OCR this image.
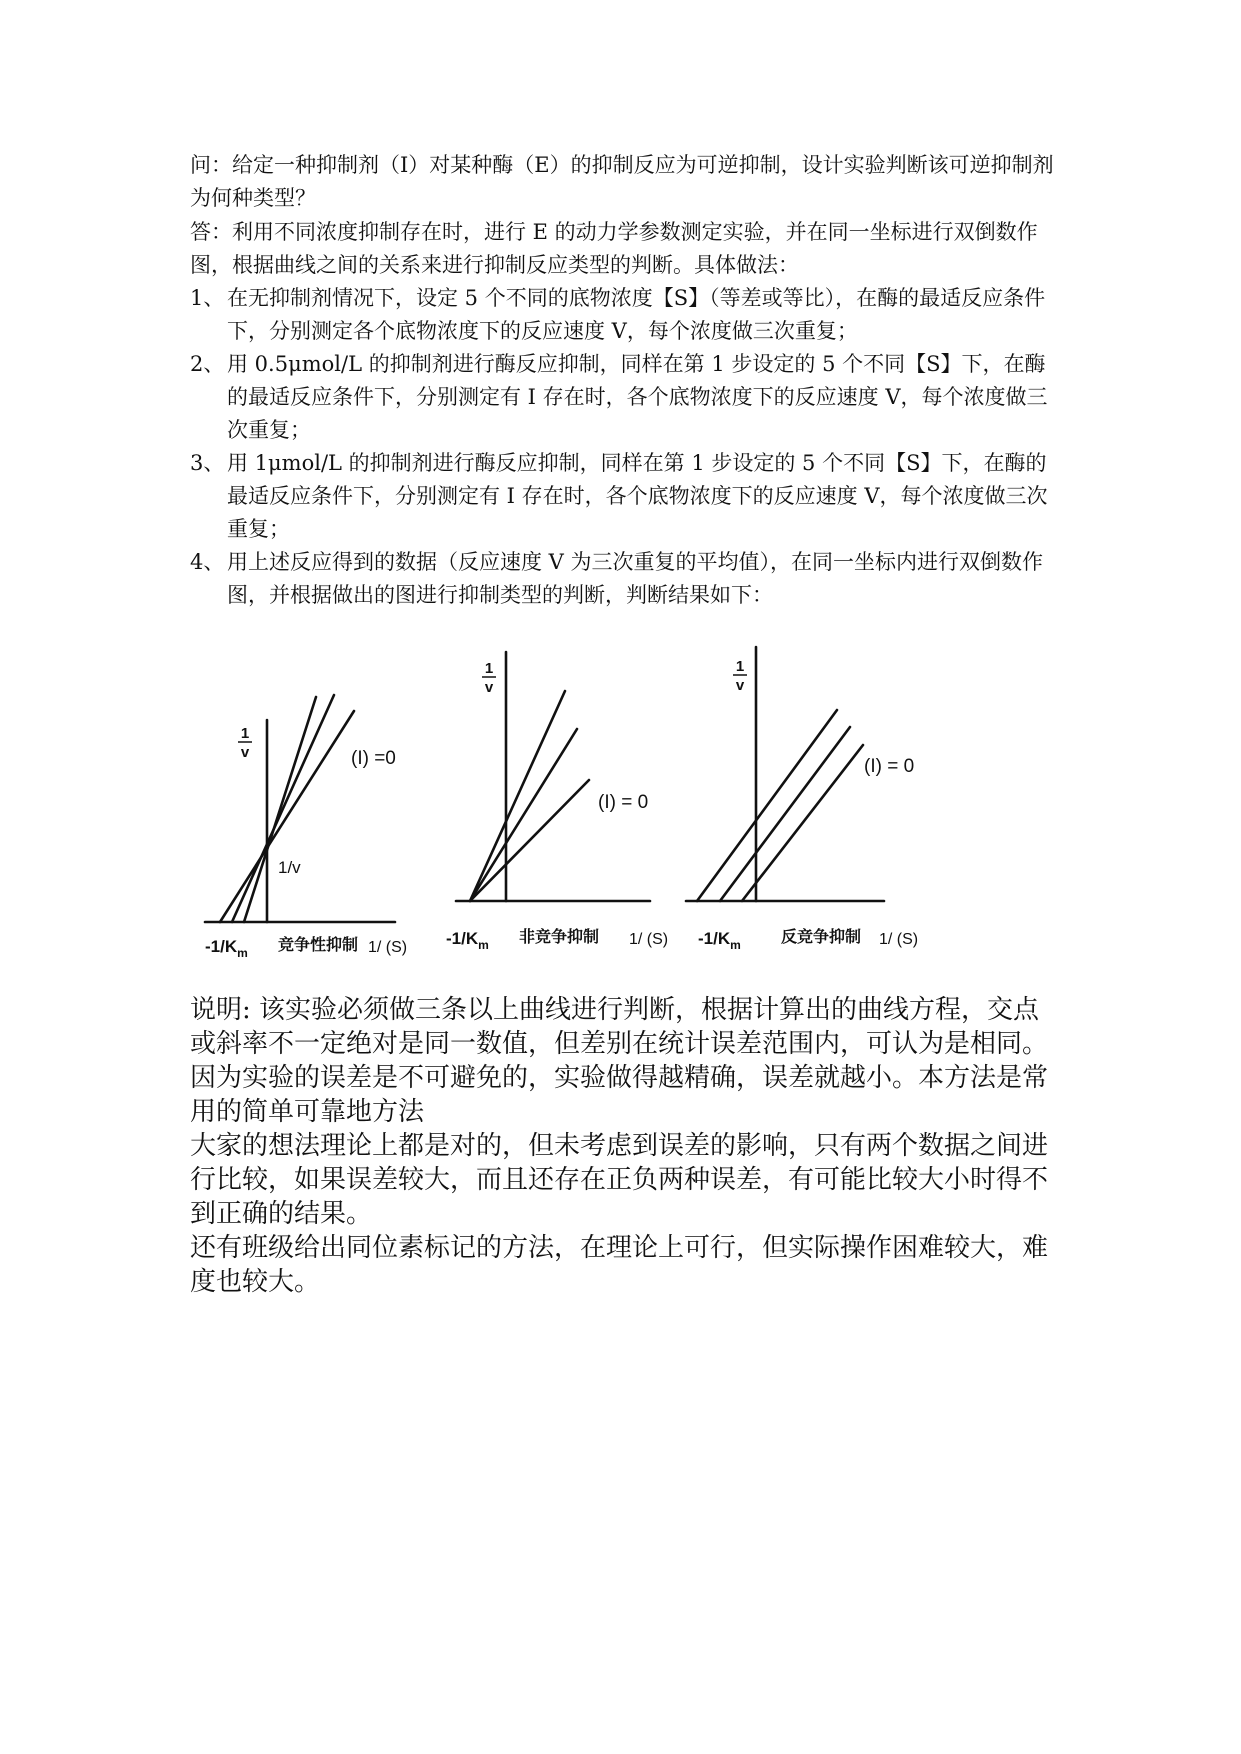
问：给定一种抑制剂（I）对某种酶（E）的抑制反应为可逆抑制，设计实验判断该可逆抑制剂为何种类型？

答：利用不同浓度抑制存在时，进行 E 的动力学参数测定实验，并在同一坐标进行双倒数作图，根据曲线之间的关系来进行抑制反应类型的判断。具体做法：

1、 在无抑制剂情况下，设定 5 个不同的底物浓度【S】（等差或等比），在酶的最适反应条件下，分别测定各个底物浓度下的反应速度 V，每个浓度做三次重复；
2、 用 0.5μmol/L 的抑制剂进行酶反应抑制，同样在第 1 步设定的 5 个不同【S】下，在酶的最适反应条件下，分别测定有 I 存在时，各个底物浓度下的反应速度 V，每个浓度做三次重复；
3、 用 1μmol/L 的抑制剂进行酶反应抑制，同样在第 1 步设定的 5 个不同【S】下，在酶的最适反应条件下，分别测定有 I 存在时，各个底物浓度下的反应速度 V，每个浓度做三次重复；
4、 用上述反应得到的数据（反应速度 V 为三次重复的平均值），在同一坐标内进行双倒数作图，并根据做出的图进行抑制类型的判断，判断结果如下：
1
v	(I) =0
1/v
$-1/K_m$ 竞争性抑制 1/ (S)
1
v
(I) = 0
$-1/K_m$ 非竞争抑制 1/ (S)
1
v
(I) = 0
$-1/K_m$	反竞争抑制 1/ (S)

说明: 该实验必须做三条以上曲线进行判断，根据计算出的曲线方程，交点或斜率不一定绝对是同一数值，但差别在统计误差范围内，可认为是相同。因为实验的误差是不可避免的，实验做得越精确，误差就越小。本方法是常用的简单可靠地方法

大家的想法理论上都是对的，但未考虑到误差的影响，只有两个数据之间进行比较，如果误差较大，而且还存在正负两种误差，有可能比较大小时得不到正确的结果。

还有班级给出同位素标记的方法，在理论上可行，但实际操作困难较大，难度也较大。
